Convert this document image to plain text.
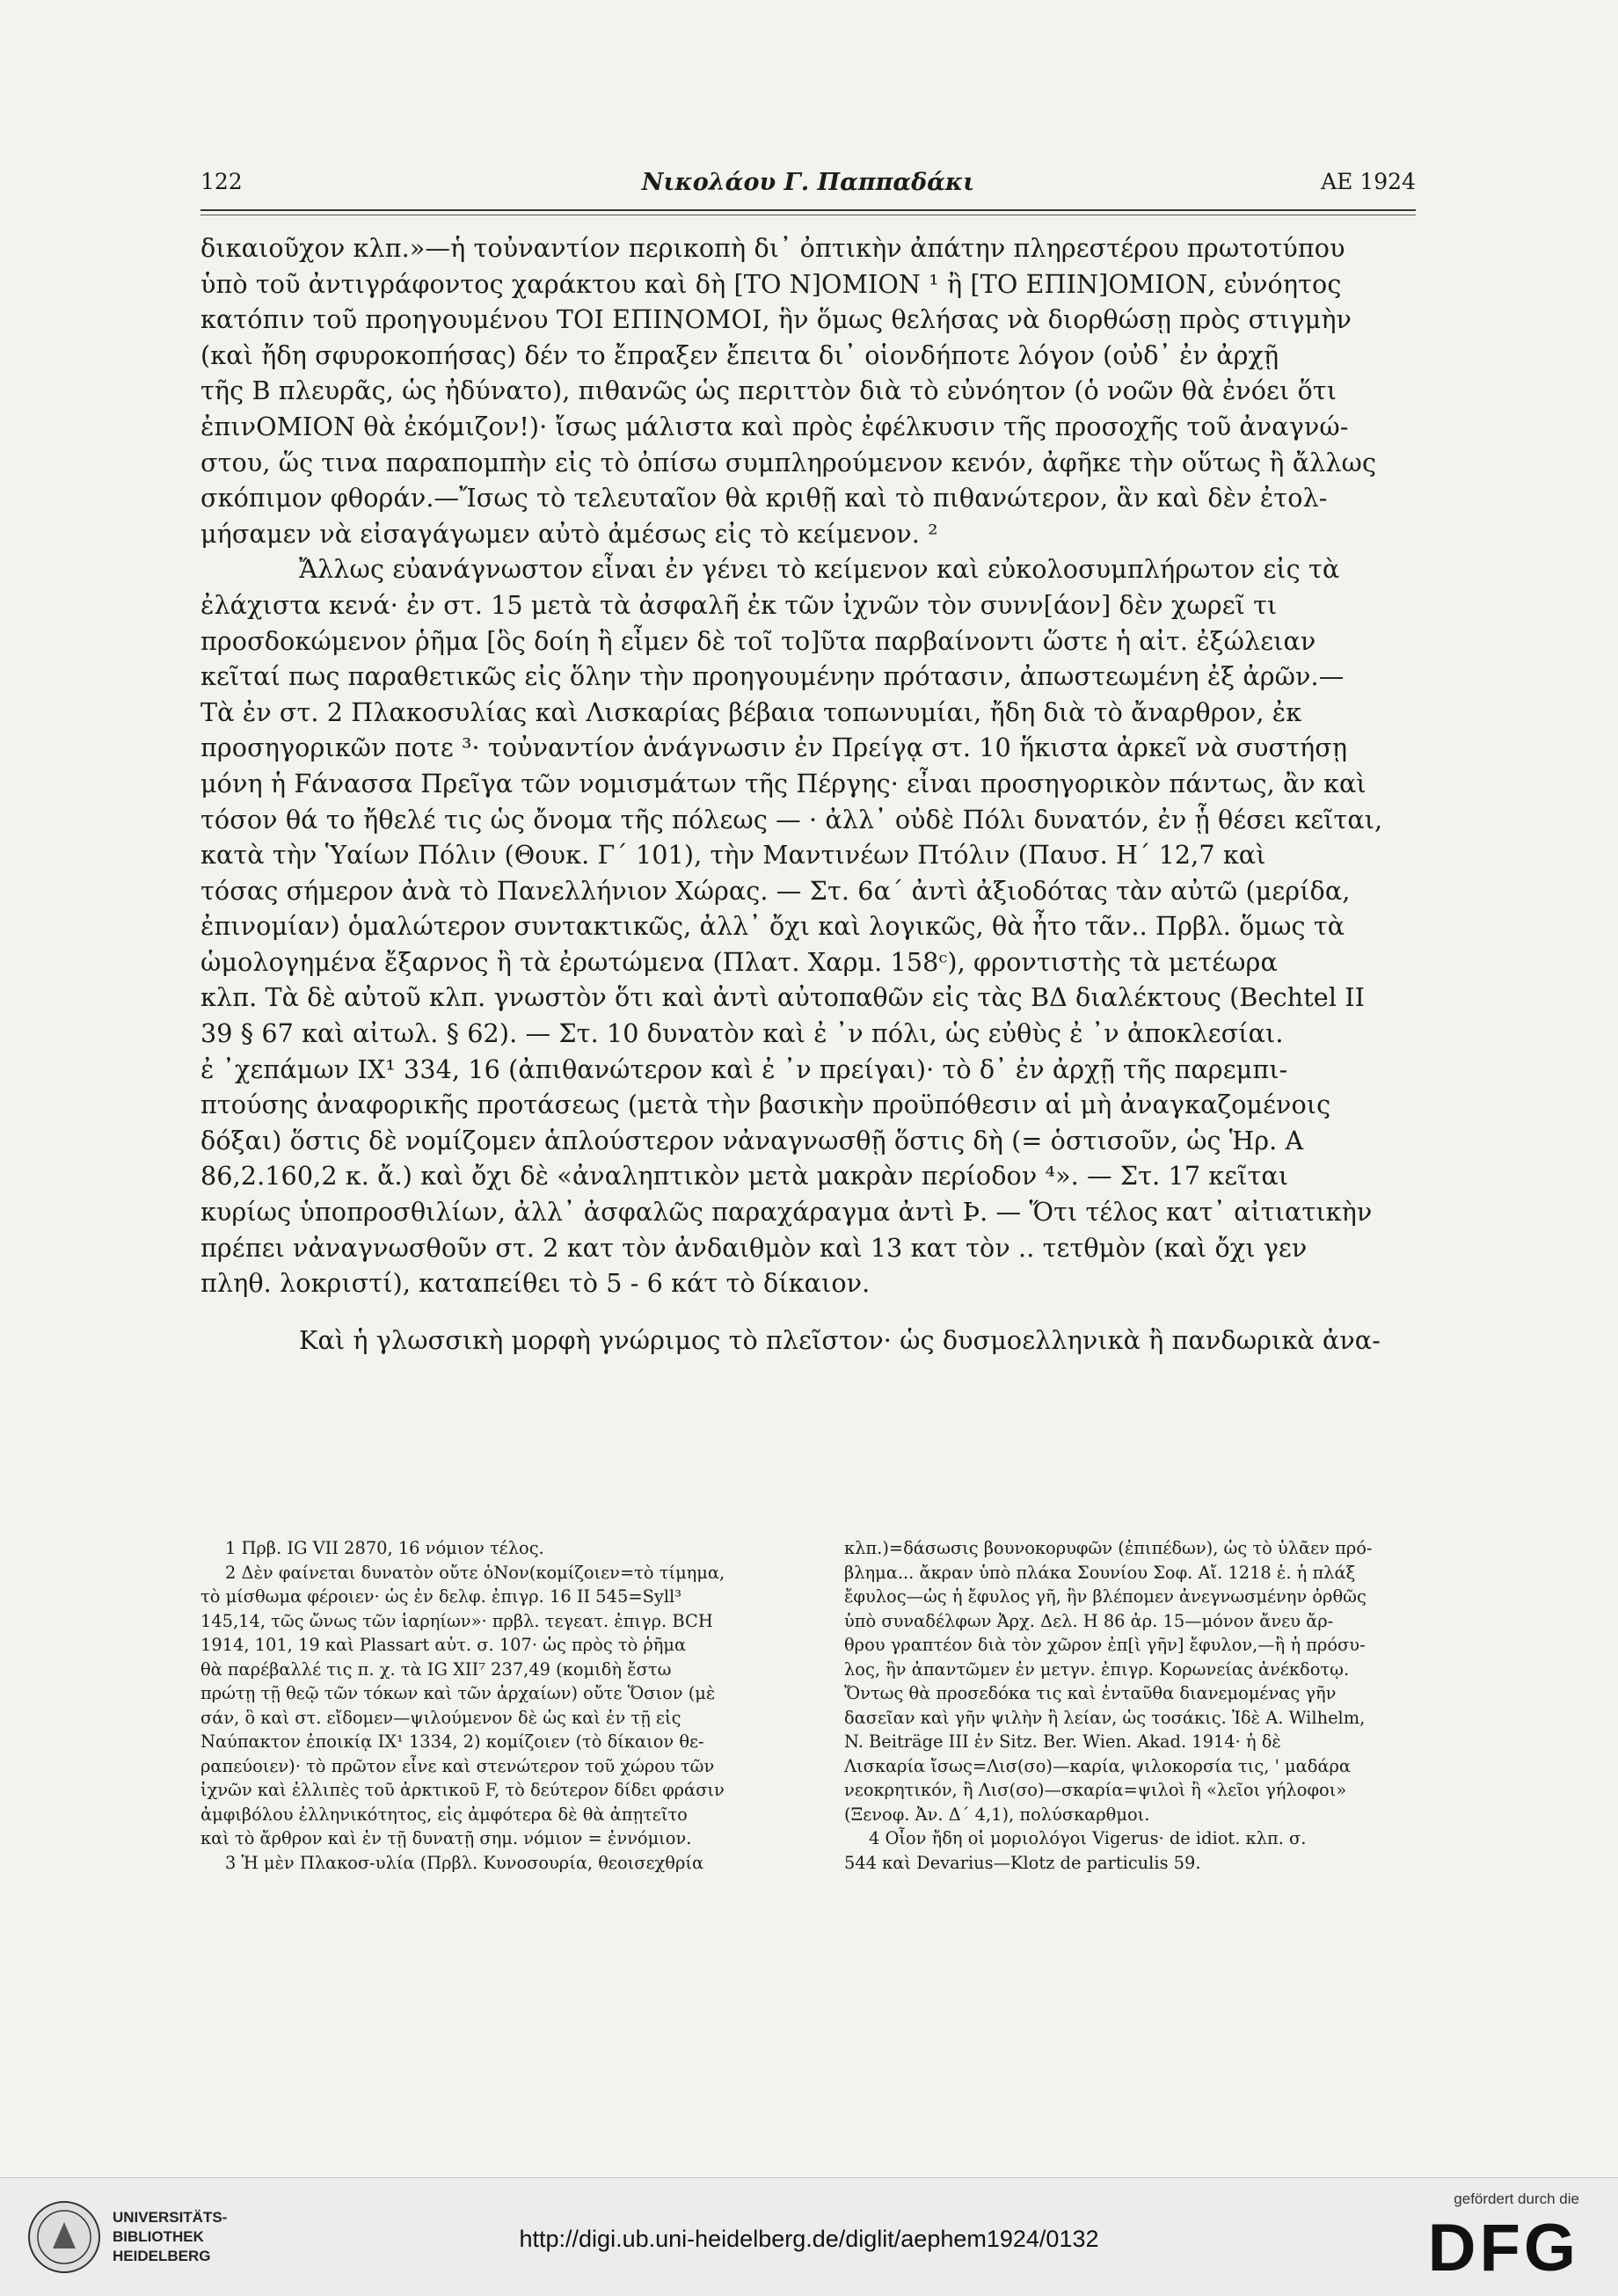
122	Νικολάου Γ. Παππαδάκι	ΑΕ 1924
δικαιοῦχον κλπ.»—ἡ τοὐναντίον περικοπὴ δι᾽ ὀπτικὴν ἀπάτην πληρεστέρου πρωτοτύπου
ὑπὸ τοῦ ἀντιγράφοντος χαράκτου καὶ δὴ [ΤΟ Ν]ΟΜΙΟΝ ¹ ἢ [ΤΟ ΕΠΙΝ]ΟΜΙΟΝ, εὐνόητος
κατόπιν τοῦ προηγουμένου ΤΟΙ ΕΠΙΝΟΜΟΙ, ἣν ὅμως θελήσας νὰ διορθώσῃ πρὸς στιγμὴν
(καὶ ἤδη σφυροκοπήσας) δέν το ἔπραξεν ἔπειτα δι᾽ οἱονδήποτε λόγον (οὐδ᾽ ἐν ἀρχῇ
τῆς Β πλευρᾶς, ὡς ἠδύνατο), πιθανῶς ὡς περιττὸν διὰ τὸ εὐνόητον (ὁ νοῶν θὰ ἐνόει ὅτι
ἐπινΟΜΙΟΝ θὰ ἐκόμιζον!)· ἴσως μάλιστα καὶ πρὸς ἐφέλκυσιν τῆς προσοχῆς τοῦ ἀναγνώ-
στου, ὥς τινα παραπομπὴν εἰς τὸ ὀπίσω συμπληρούμενον κενόν, ἀφῆκε τὴν οὕτως ἢ ἄλλως
σκόπιμον φθοράν.—Ἴσως τὸ τελευταῖον θὰ κριθῇ καὶ τὸ πιθανώτερον, ἂν καὶ δὲν ἐτολ-
μήσαμεν νὰ εἰσαγάγωμεν αὐτὸ ἀμέσως εἰς τὸ κείμενον. ²
Ἄλλως εὐανάγνωστον εἶναι ἐν γένει τὸ κείμενον καὶ εὐκολοσυμπλήρωτον εἰς τὰ
ἐλάχιστα κενά· ἐν στ. 15 μετὰ τὰ ἀσφαλῆ ἐκ τῶν ἰχνῶν τὸν συνν[άον] δὲν χωρεῖ τι
προσδοκώμενον ῥῆμα [ὃς δοίη ἢ εἶμεν δὲ τοῖ το]ῦτα παρβαίνοντι ὥστε ἡ αἰτ. ἐξώλειαν
κεῖταί πως παραθετικῶς εἰς ὅλην τὴν προηγουμένην πρότασιν, ἀπωστεωμένη ἐξ ἀρῶν.—
Τὰ ἐν στ. 2 Πλακοσυλίας καὶ Λισκαρίας βέβαια τοπωνυμίαι, ἤδη διὰ τὸ ἄναρθρον, ἐκ
προσηγορικῶν ποτε ³· τοὐναντίον ἀνάγνωσιν ἐν Πρείγᾳ στ. 10 ἥκιστα ἀρκεῖ νὰ συστήσῃ
μόνη ἡ Fάνασσα Πρεῖγα τῶν νομισμάτων τῆς Πέργης· εἶναι προσηγορικὸν πάντως, ἂν καὶ
τόσον θά το ἤθελέ τις ὡς ὄνομα τῆς πόλεως — · ἀλλ᾽ οὐδὲ Πόλι δυνατόν, ἐν ᾗ θέσει κεῖται,
κατὰ τὴν Ὑαίων Πόλιν (Θουκ. Γ΄ 101), τὴν Μαντινέων Πτόλιν (Παυσ. Η΄ 12,7 καὶ
τόσας σήμερον ἀνὰ τὸ Πανελλήνιον Χώρας. — Στ. 6α΄ ἀντὶ ἀξιοδότας τὰν αὐτῶ (μερίδα,
ἐπινομίαν) ὁμαλώτερον συντακτικῶς, ἀλλ᾽ ὄχι καὶ λογικῶς, θὰ ἦτο τᾶν.. Πρβλ. ὅμως τὰ
ὡμολογημένα ἔξαρνος ἢ τὰ ἐρωτώμενα (Πλατ. Χαρμ. 158ᶜ), φροντιστὴς τὰ μετέωρα
κλπ. Τὰ δὲ αὐτοῦ κλπ. γνωστὸν ὅτι καὶ ἀντὶ αὐτοπαθῶν εἰς τὰς ΒΔ διαλέκτους (Bechtel II
39 § 67 καὶ αἰτωλ. § 62). — Στ. 10 δυνατὸν καὶ ἐ ᾽ν πόλι, ὡς εὐθὺς ἐ ᾽ν ἀποκλεσίαι.
ἐ ᾽χεπάμων IX¹ 334, 16 (ἀπιθανώτερον καὶ ἐ ᾽ν πρείγαι)· τὸ δ᾽ ἐν ἀρχῇ τῆς παρεμπι-
πτούσης ἀναφορικῆς προτάσεως (μετὰ τὴν βασικὴν προϋπόθεσιν αἱ μὴ ἀναγκαζομένοις
δόξαι) ὅστις δὲ νομίζομεν ἁπλούστερον νἀναγνωσθῇ ὅστις δὴ (= ὁστισοῦν, ὡς Ἡρ. Α
86,2.160,2 κ. ἄ.) καὶ ὄχι δὲ «ἀναληπτικὸν μετὰ μακρὰν περίοδον ⁴». — Στ. 17 κεῖται
κυρίως ὑποπροσθιλίων, ἀλλ᾽ ἀσφαλῶς παραχάραγμα ἀντὶ Ϸ. — Ὅτι τέλος κατ᾽ αἰτιατικὴν
πρέπει νἀναγνωσθοῦν στ. 2 κατ τὸν ἀνδαιθμὸν καὶ 13 κατ τὸν .. τετθμὸν (καὶ ὄχι γεν
πληθ. λοκριστί), καταπείθει τὸ 5 - 6 κάτ τὸ δίκαιον.
Καὶ ἡ γλωσσικὴ μορφὴ γνώριμος τὸ πλεῖστον· ὡς δυσμοελληνικὰ ἢ πανδωρικὰ ἀνα-
1 Πρβ. IG VII 2870, 16 νόμιον τέλος.
2 Δὲν φαίνεται δυνατὸν οὔτε ὁΝον(κομίζοιεν=τὸ τίμημα,
τὸ μίσθωμα φέροιεν· ὡς ἐν δελφ. ἐπιγρ. 16 II 545=Syll³
145,14, τῶς ὤνως τῶν ἱαρηίων»· πρβλ. τεγεατ. ἐπιγρ. BCH
1914, 101, 19 καὶ Plassart αὐτ. σ. 107· ὡς πρὸς τὸ ῥῆμα
θὰ παρέβαλλέ τις π. χ. τὰ IG XII⁷ 237,49 (κομιδὴ ἔστω
πρώτῃ τῇ θεῷ τῶν τόκων καὶ τῶν ἀρχαίων) οὔτε Ὅσιον (μὲ
σάν, ὃ καὶ στ. εἴδομεν—ψιλούμενον δὲ ὡς καὶ ἐν τῇ εἰς
Ναύπακτον ἐποικίᾳ IX¹ 1334, 2) κομίζοιεν (τὸ δίκαιον θε-
ραπεύοιεν)· τὸ πρῶτον εἶνε καὶ στενώτερον τοῦ χώρου τῶν
ἰχνῶν καὶ ἐλλιπὲς τοῦ ἀρκτικοῦ F, τὸ δεύτερον δίδει φράσιν
ἀμφιβόλου ἑλληνικότητος, εἰς ἀμφότερα δὲ θὰ ἀπῃτεῖτο
καὶ τὸ ἄρθρον καὶ ἐν τῇ δυνατῇ σημ. νόμιον = ἐννόμιον.
3 Ἡ μὲν Πλακοσ-υλία (Πρβλ. Κυνοσουρία, θεοισεχθρία
κλπ.)=δάσωσις βουνοκορυφῶν (ἐπιπέδων), ὡς τὸ ὑλᾶεν πρό-
βλημα... ἄκραν ὑπὸ πλάκα Σουνίου Σοφ. Αἴ. 1218 ἑ. ἡ πλάξ
ἔφυλος—ὡς ἡ ἔφυλος γῆ, ἣν βλέπομεν ἀνεγνωσμένην ὀρθῶς
ὑπὸ συναδέλφων Ἀρχ. Δελ. Η 86 ἀρ. 15—μόνον ἄνευ ἄρ-
θρου γραπτέον διὰ τὸν χῶρον ἐπ[ὶ γῆν] ἔφυλον,—ἢ ἡ πρόσυ-
λος, ἣν ἀπαντῶμεν ἐν μετγν. ἐπιγρ. Κορωνείας ἀνέκδοτῳ.
Ὄντως θὰ προσεδόκα τις καὶ ἐνταῦθα διανεμομένας γῆν
δασεῖαν καὶ γῆν ψιλὴν ἢ λείαν, ὡς τοσάκις. Ἰδὲ Α. Wilhelm,
N. Beiträge III ἐν Sitz. Ber. Wien. Akad. 1914· ἡ δὲ
Λισκαρία ἴσως=Λισ(σο)—καρία, ψιλοκορσία τις, ' μαδάρα
νεοκρητικόν, ἢ Λισ(σο)—σκαρία=ψιλοὶ ἢ «λεῖοι γήλοφοι»
(Ξενοφ. Ἀν. Δ΄ 4,1), πολύσκαρθμοι.
4 Οἷον ἤδη οἱ μοριολόγοι Vigerus· de idiot. κλπ. σ.
544 καὶ Devarius—Klotz de particulis 59.
UNIVERSITÄTS-
BIBLIOTHEK
HEIDELBERG
http://digi.ub.uni-heidelberg.de/diglit/aephem1924/0132
gefördert durch die
DFG
